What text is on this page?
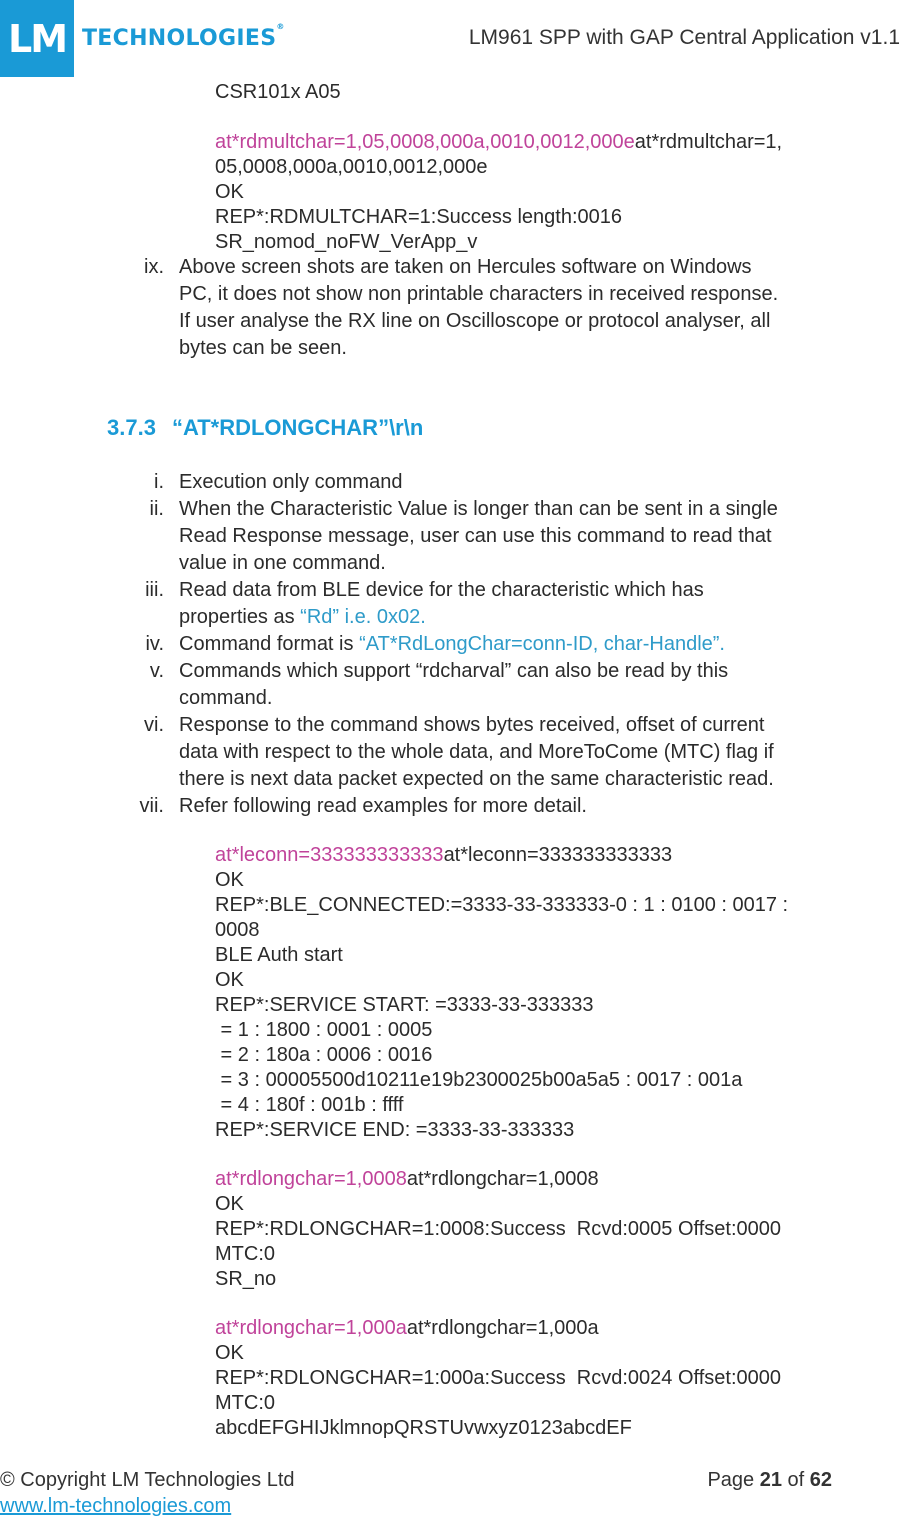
LM TECHNOLOGIES®	LM961 SPP with GAP Central Application v1.1
CSR101x A05
at*rdmultchar=1,05,0008,000a,0010,0012,000eat*rdmultchar=1,
05,0008,000a,0010,0012,000e
OK
REP*:RDMULTCHAR=1:Success length:0016
SR_nomod_noFW_VerApp_v
ix. Above screen shots are taken on Hercules software on Windows
PC, it does not show non printable characters in received response.
If user analyse the RX line on Oscilloscope or protocol analyser, all
bytes can be seen.
3.7.3 “AT*RDLONGCHAR”\r\n
i. Execution only command
ii. When the Characteristic Value is longer than can be sent in a single
Read Response message, user can use this command to read that
value in one command.
iii. Read data from BLE device for the characteristic which has
properties as “Rd” i.e. 0x02.
iv. Command format is “AT*RdLongChar=conn-ID, char-Handle”.
v. Commands which support “rdcharval” can also be read by this
command.
vi. Response to the command shows bytes received, offset of current
data with respect to the whole data, and MoreToCome (MTC) flag if
there is next data packet expected on the same characteristic read.
vii. Refer following read examples for more detail.
at*leconn=333333333333at*leconn=333333333333
OK
REP*:BLE_CONNECTED:=3333-33-333333-0 : 1 : 0100 : 0017 :
0008
BLE Auth start
OK
REP*:SERVICE START: =3333-33-333333
= 1 : 1800 : 0001 : 0005
= 2 : 180a : 0006 : 0016
= 3 : 00005500d10211e19b2300025b00a5a5 : 0017 : 001a
= 4 : 180f : 001b : ffff
REP*:SERVICE END: =3333-33-333333
at*rdlongchar=1,0008at*rdlongchar=1,0008
OK
REP*:RDLONGCHAR=1:0008:Success  Rcvd:0005 Offset:0000
MTC:0
SR_no
at*rdlongchar=1,000aat*rdlongchar=1,000a
OK
REP*:RDLONGCHAR=1:000a:Success  Rcvd:0024 Offset:0000
MTC:0
abcdEFGHIJklmnopQRSTUvwxyz0123abcdEF
© Copyright LM Technologies Ltd
www.lm-technologies.com
Page 21 of 62
